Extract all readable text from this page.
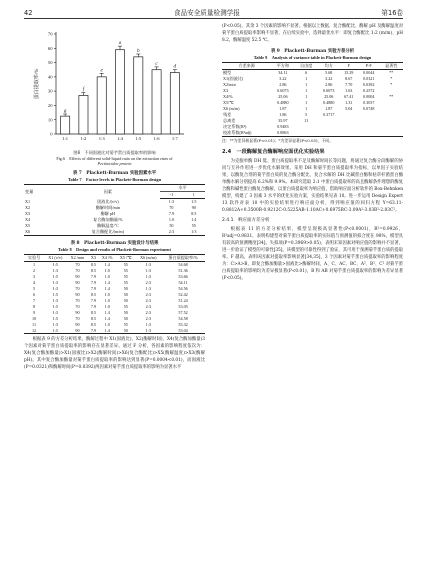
42	食品安全质量检测学报	第16卷
0
10
20
30
40
50
60
70
蛋白提取率/%
g
1:1
f
1:2
e
1:3
a
1:4
b
1:5
c
1:6
d
1:7
图6　不同固液比对菊芋蛋白质提取率的影响
Fig.6　Effects of different solid-liquid ratio on the extraction rates of
Pectinicidae protein
表 7　Plackett-Burman 实验因素水平
Table 7　Factor levels in Plackett-Burman design
变量	因素	水平	
		-1	1
X1	固液比/(v/v)	1:3	1:5
X2	酶解时间/min	70	90
X3	酶解 pH	7.9	8.5
X4	复合酶加酶量/%	1.0	1.4
X5	酶解温度/℃	50	55
X6	复合酶配比/(m/m)	2:3	1:3
表 8　Plackett-Burman 实验设计与结果
Table 8　Design and results of Plackett-Burman experiment
实验号	X1 (v/v)	X2 /min	X3	X4 /%	X5 /℃	X6 (m/m)	蛋白质提取率/%
1	1:5	70	8.5	1.4	55	1:3	54.68
2	1:3	70	8.5	1.0	55	1:3	51.36
3	1:5	90	7.9	1.0	55	1:3	53.66
4	1:3	90	7.9	1.4	55	2:3	54.11
5	1:3	70	7.9	1.4	50	1:3	54.56
6	1:5	90	8.5	1.0	50	2:3	52.42
7	1:3	70	7.9	1.0	50	2:3	51.24
8	1:5	70	7.9	1.0	55	2:3	53.05
9	1:3	90	8.5	1.4	50	2:3	57.52
10	1:5	70	8.5	1.4	50	2:3	54.58
11	1:3	90	8.5	1.0	55	1:3	55.32
12	1:5	90	7.9	1.4	50	1:3	53.04

根据表 9 的方差分析结果，酶解过程中 X1(固液比)、X2(酶解时间)、X4(复合酶加酶量)3个因素对菊芋蛋白质提取率的影响存在显著差异。通过 F 分析，各因素的影响程度依次为：X4(复合酶加酶量)>X1(固液比)>X2(酶解时间)>X6(复合酶配比)>X5(酶解温度)>X3(酶解 pH)。其中复合酶加酶量对菊芋蛋白质提取率的影响达到显著(P=0.0004<0.01)，而固液比(P=0.0321)和酶解时间(P=0.0392)两因素对菊芋蛋白质提取率的影响为显著水平

(P<0.05)，其余 3 个因素的影响不显著。根据以上数据，复合酶配比、酶解 pH 及酶解温度对菊芋蛋白质提取率影响不显著，在后续实验中，选择最优水平：即复合酶配比 1:2 (m/m)、pH 8.2，酶解温度 52.5 ℃。

表 9　Plackett-Burman 实验方差分析
Table 9　Analysis of variance table in Plackett-Burman design
方差来源	平方和	自由度	均方	F	P-F	显著性
模型	34.11	6	5.68	15.29	0.0044	**
X1(固液比)	3.22	1	3.22	8.67	0.0321	*
X2/min	2.86	1	2.86	7.70	0.0392	*
X3	0.6073	1	0.6073	1.63	0.2572	
X4/%	25.06	1	25.06	67.41	0.0004	**
X5/℃	0.4880	1	0.4880	1.31	0.3037	
X6 (m/m)	1.87	1	1.87	5.04	0.0748	
残差	1.86	5	0.3717			
总离差	35.97	11				
决定系数(R²)	0.9483					
校准系数(R²adj)	0.8863					
注：**为差异极显著(P<0.01)；*为差异显著(P<0.05)，下同。
2.4　一段酶解复合酶解响应面优化实验结果

为克服单酶 DH 低、蛋白质提取率不足及酶解时间长等问题，将通过复合酶分段酶解的协同与互补作用进一步优化水解效果。采用 DH 和菊芋蛋白质提取率为指标，以单因子实验结果，以酶复合剂的菊芋蛋白质的复合酶分配比，复合水解的 DH 比碱蛋白酶和枯草杆菌蛋白酶单酶水解分别提高 6.2%和 9.9%。本研究选取 2:1 中蛋白质提取率的高且酶解条件理想的酶复合酶和碱性蛋白酶复合酶解，以蛋白质提取率为响应值，借助响应面分析软件的 Box-Behnken 模型，构建了 3 因素 3 水平的优化实验方案，实验结果见表 10。进一步运用 Design Expert 13 软件对表 10 中的实验结果进行响应面分析，得到响应值的回归方程 Y=63.11-0.8812A+0.3500B-0.9212C-0.5225AB-1.10AC+0.6975BC-3.09A²-3.03B²-2.83C²。

2.4.1　响应面方差分析

根据表 11 的方差分析结果，模型呈现极高显著性(P<0.0001)，R²=0.9926，R²adj=0.9831，表明构建型对菊芋蛋白质提取率的实际值与预测值的拟合度在 98%，模型具有较高的预测精度[34]。失拟项(P=0.3969>0.05)，表明未知因素对响应值的影响并不显著，进一步验证了模型的可靠性[35]。该模型的可靠性得到了验证，其可用于预测菊芋蛋白质的提取率。F 越高，表明该因素对提取率影响显著[34,35]，3 个因素对菊芋蛋白质提取率的影响程度为：C>A>B，即复合酶加酶量>固液比>酶解时间，A、C、AC、BC、A²、B²、C² 对菊芋蛋白质提取率的影响均为差异极显著(P<0.01)，B 和 AB 对菊芋蛋白质提取率的影响为差异显著(P<0.05)。
